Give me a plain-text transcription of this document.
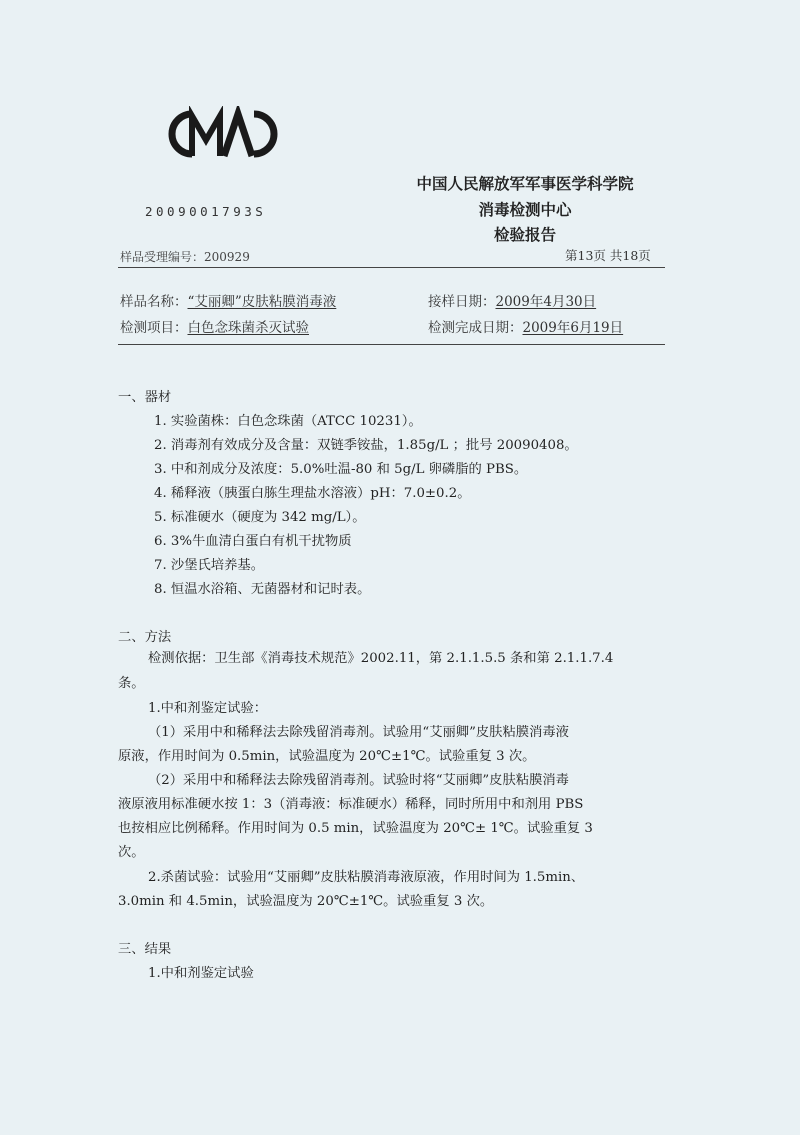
2009001793S
中国人民解放军军事医学科学院
消毒检测中心
检验报告
样品受理编号：200929	第13页 共18页
样品名称：“艾丽卿”皮肤粘膜消毒液
检测项目：白色念珠菌杀灭试验
接样日期：2009年4月30日
检测完成日期：2009年6月19日
一、器材
1. 实验菌株：白色念珠菌（ATCC 10231）。
2. 消毒剂有效成分及含量：双链季铵盐，1.85g/L ；批号 20090408。
3. 中和剂成分及浓度：5.0%吐温-80 和 5g/L 卵磷脂的 PBS。
4. 稀释液（胰蛋白胨生理盐水溶液）pH：7.0±0.2。
5. 标准硬水（硬度为 342 mg/L）。
6. 3%牛血清白蛋白有机干扰物质
7. 沙堡氏培养基。
8. 恒温水浴箱、无菌器材和记时表。
二、方法
检测依据：卫生部《消毒技术规范》2002.11，第 2.1.1.5.5 条和第 2.1.1.7.4
条。
1.中和剂鉴定试验：
（1）采用中和稀释法去除残留消毒剂。试验用“艾丽卿”皮肤粘膜消毒液
原液，作用时间为 0.5min，试验温度为 20℃±1℃。试验重复 3 次。
（2）采用中和稀释法去除残留消毒剂。试验时将“艾丽卿”皮肤粘膜消毒
液原液用标准硬水按 1：3（消毒液：标准硬水）稀释，同时所用中和剂用 PBS
也按相应比例稀释。作用时间为 0.5 min，试验温度为 20℃± 1℃。试验重复 3
次。
2.杀菌试验：试验用“艾丽卿”皮肤粘膜消毒液原液，作用时间为 1.5min、
3.0min 和 4.5min，试验温度为 20℃±1℃。试验重复 3 次。
三、结果
1.中和剂鉴定试验
